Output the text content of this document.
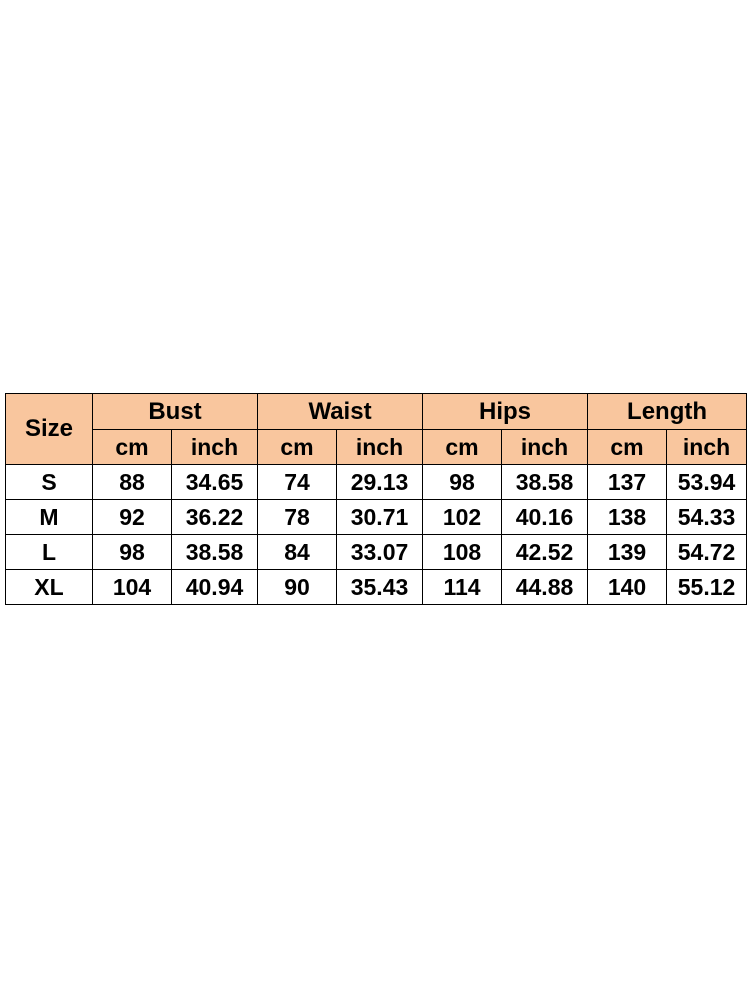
Size	Bust		Waist		Hips		Length	
	cm	inch	cm	inch	cm	inch	cm	inch
S	88	34.65	74	29.13	98	38.58	137	53.94
M	92	36.22	78	30.71	102	40.16	138	54.33
L	98	38.58	84	33.07	108	42.52	139	54.72
XL	104	40.94	90	35.43	114	44.88	140	55.12
